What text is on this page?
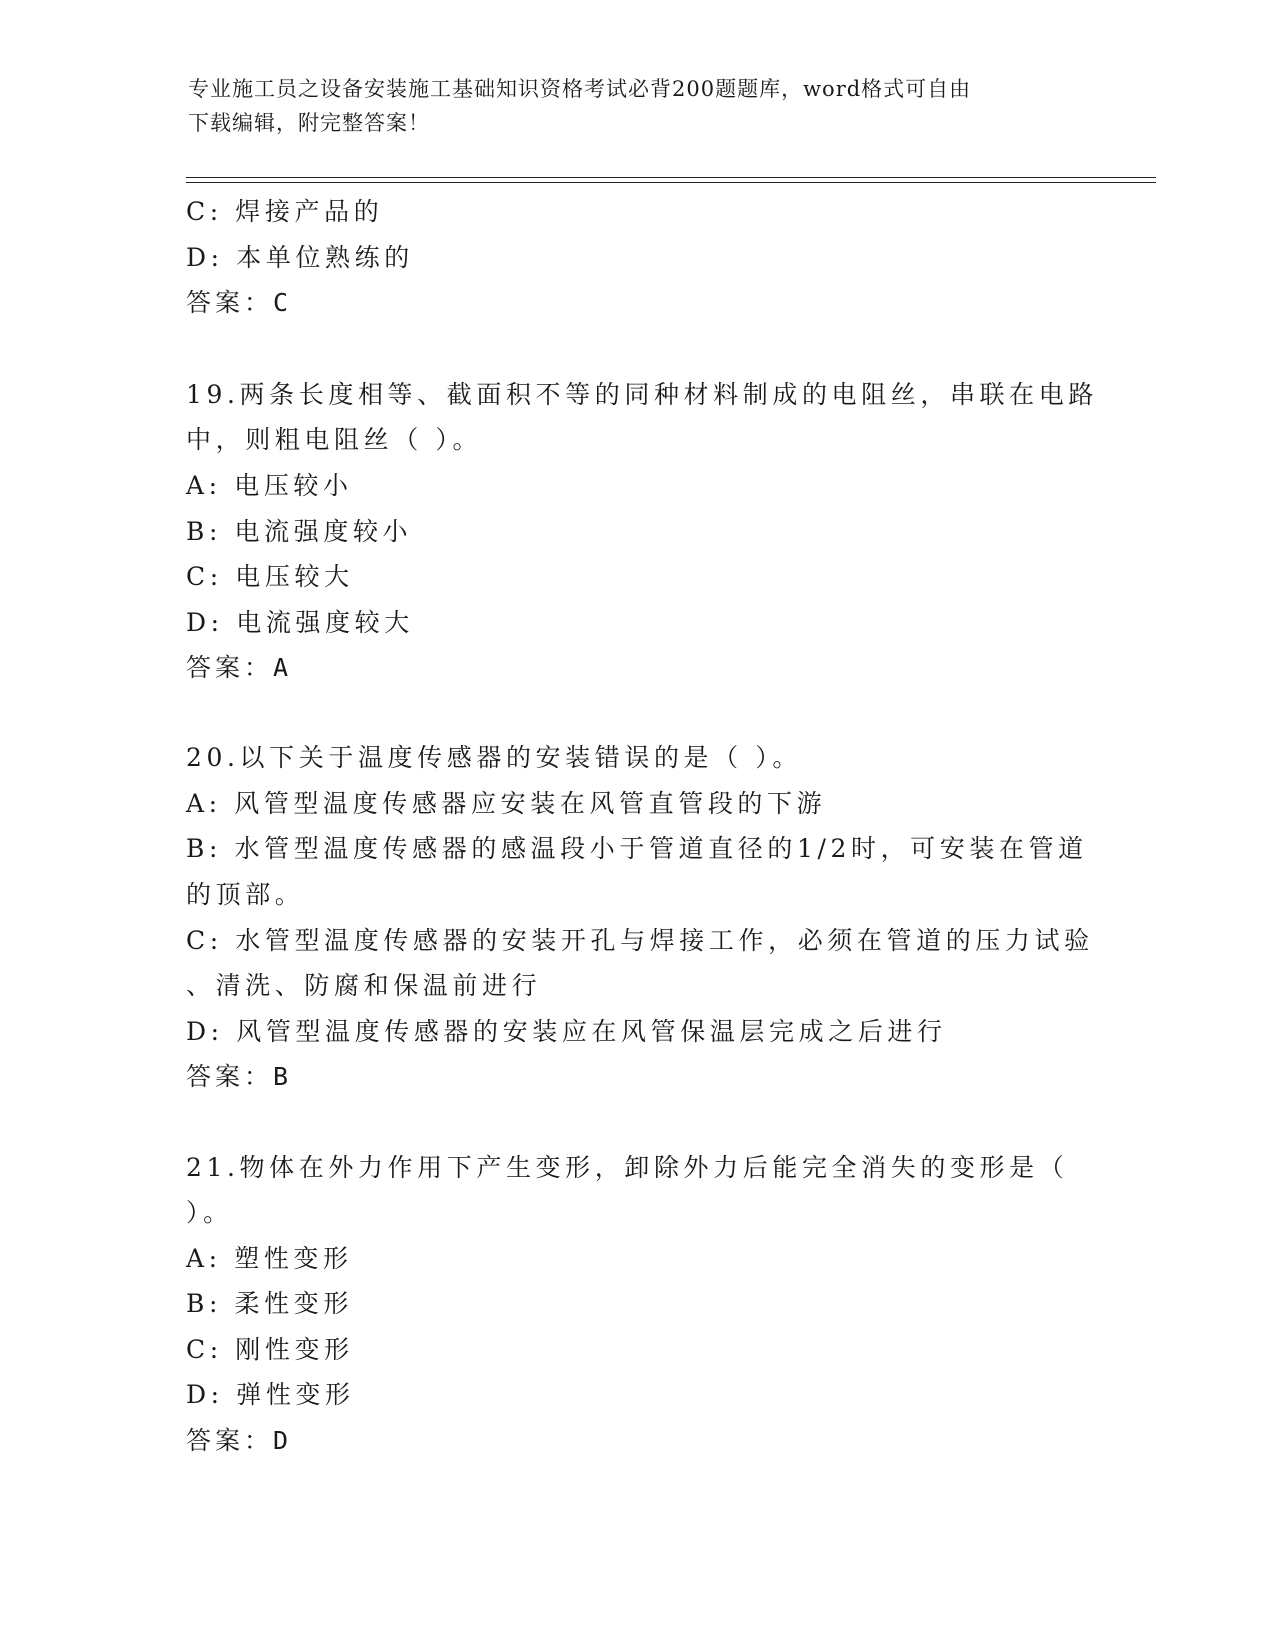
专业施工员之设备安装施工基础知识资格考试必背200题题库，word格式可自由
下载编辑，附完整答案！
C: 焊接产品的
D: 本单位熟练的
答案：C
19.两条长度相等、截面积不等的同种材料制成的电阻丝，串联在电路
中，则粗电阻丝（ ）。
A: 电压较小
B: 电流强度较小
C: 电压较大
D: 电流强度较大
答案：A
20.以下关于温度传感器的安装错误的是（ ）。
A: 风管型温度传感器应安装在风管直管段的下游
B: 水管型温度传感器的感温段小于管道直径的1/2时，可安装在管道
的顶部。
C: 水管型温度传感器的安装开孔与焊接工作，必须在管道的压力试验
、清洗、防腐和保温前进行
D: 风管型温度传感器的安装应在风管保温层完成之后进行
答案：B
21.物体在外力作用下产生变形，卸除外力后能完全消失的变形是（
）。
A: 塑性变形
B: 柔性变形
C: 刚性变形
D: 弹性变形
答案：D
